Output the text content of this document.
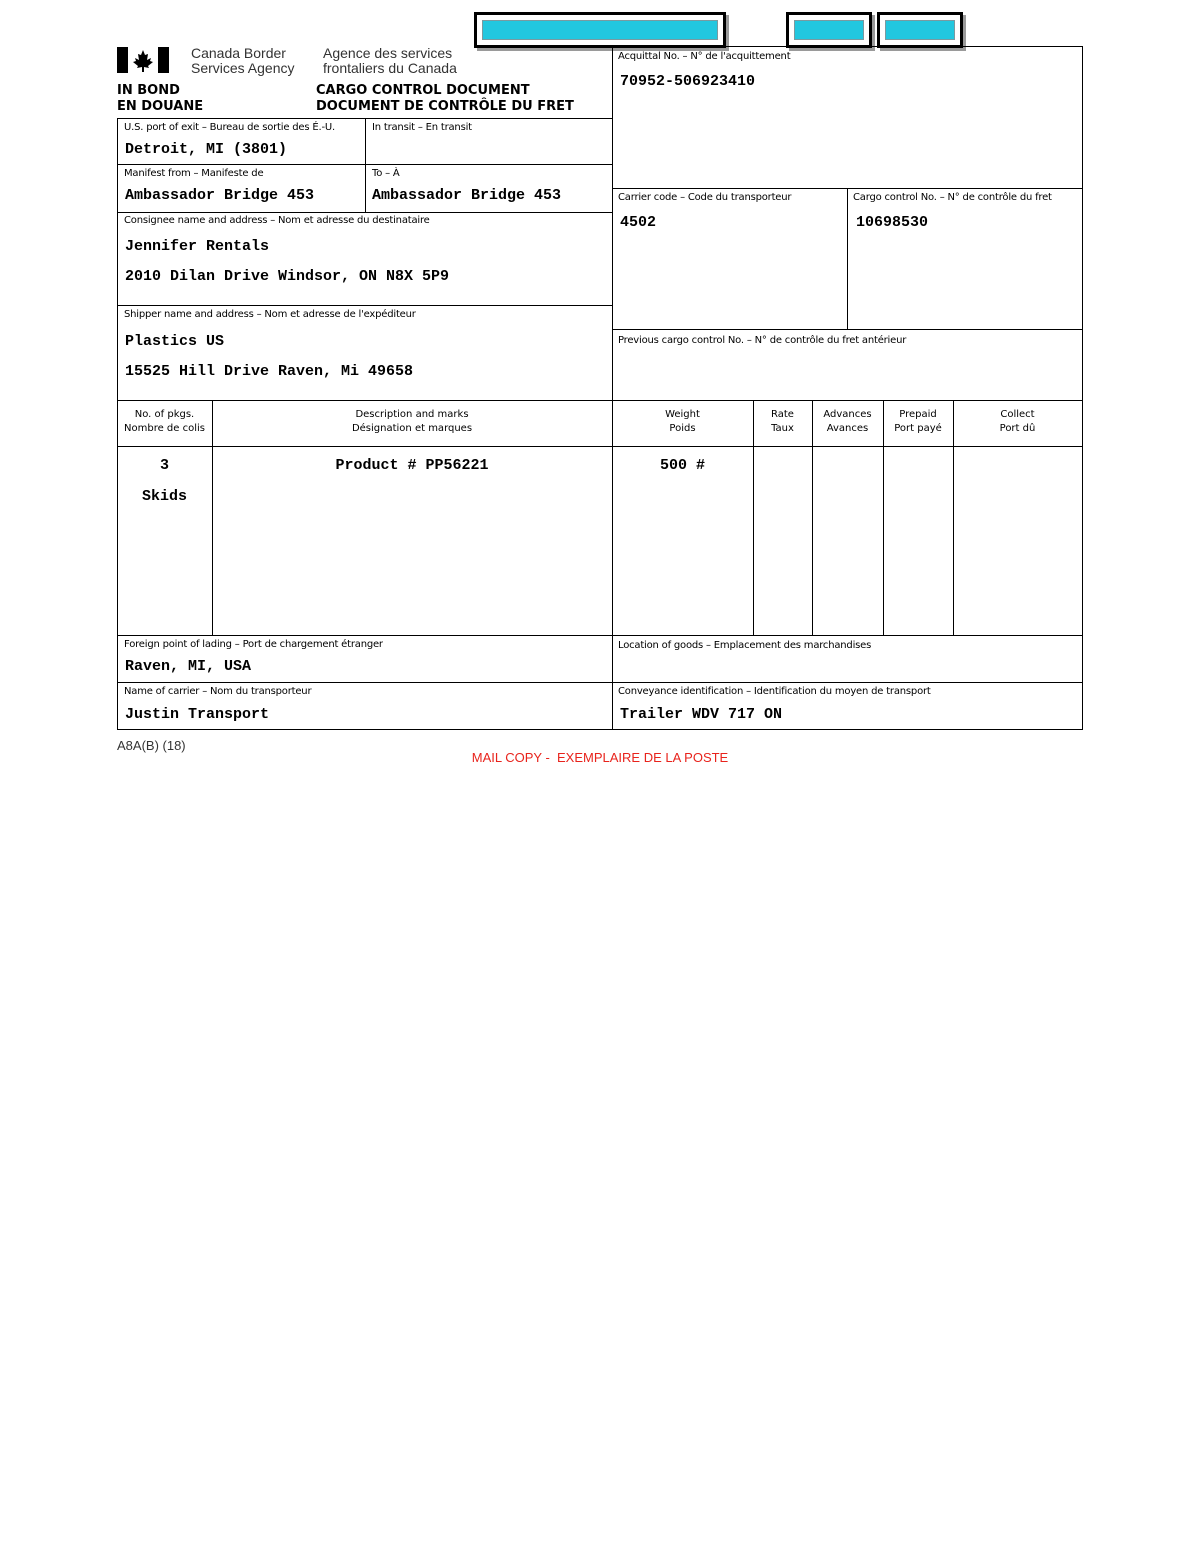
Canada Border
Services Agency
Agence des services
frontaliers du Canada
IN BOND
EN DOUANE
CARGO CONTROL DOCUMENT
DOCUMENT DE CONTRÔLE DU FRET
U.S. port of exit – Bureau de sortie des É.-U.
Detroit, MI (3801)
In transit – En transit
Manifest from – Manifeste de
Ambassador Bridge 453
To – À
Ambassador Bridge 453
Consignee name and address – Nom et adresse du destinataire
Jennifer Rentals
2010 Dilan Drive Windsor, ON N8X 5P9
Shipper name and address – Nom et adresse de l'expéditeur
Plastics US
15525 Hill Drive Raven, Mi 49658
Acquittal No. – N° de l'acquittement
70952-506923410
Carrier code – Code du transporteur
4502
Cargo control No. – N° de contrôle du fret
10698530
Previous cargo control No. – N° de contrôle du fret antérieur
No. of pkgs.
Nombre de colis
Description and marks
Désignation et marques
Weight
Poids
Rate
Taux
Advances
Avances
Prepaid
Port payé
Collect
Port dû
3
Skids
Product # PP56221	500 #
Foreign point of lading – Port de chargement étranger
Raven, MI, USA
Location of goods – Emplacement des marchandises
Name of carrier – Nom du transporteur
Justin Transport
Conveyance identification – Identification du moyen de transport
Trailer WDV 717 ON
A8A(B) (18)
MAIL COPY -  EXEMPLAIRE DE LA POSTE
